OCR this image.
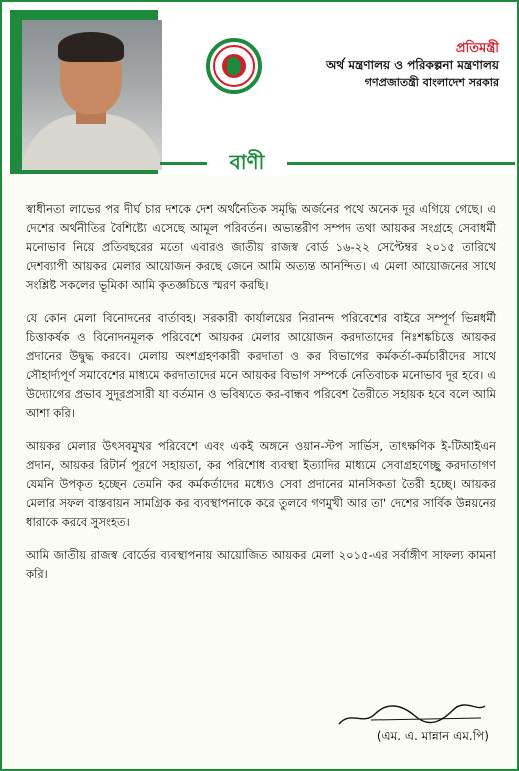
প্রতিমন্ত্রী
অর্থ মন্ত্রণালয় ও পরিকল্পনা মন্ত্রণালয়
গণপ্রজাতন্ত্রী বাংলাদেশ সরকার
বাণী

স্বাধীনতা লাভের পর দীর্ঘ চার দশকে দেশ অর্থনৈতিক সমৃদ্ধি অর্জনের পথে অনেক দূর এগিয়ে গেছে। এ দেশের অর্থনীতির বৈশিষ্ট্যে এসেছে আমূল পরিবর্তন। অভ্যন্তরীণ সম্পদ তথা আয়কর সংগ্রহে সেবাধর্মী মনোভাব নিয়ে প্রতিবছরের মতো এবারও জাতীয় রাজস্ব বোর্ড ১৬-২২ সেপ্টেম্বর ২০১৫ তারিখে দেশব্যাপী আয়কর মেলার আয়োজন করছে জেনে আমি অত্যন্ত আনন্দিত। এ মেলা আয়োজনের সাথে সংশ্লিষ্ট সকলের ভূমিকা আমি কৃতজ্ঞচিত্তে স্মরণ করছি।

যে কোন মেলা বিনোদনের বার্তাবহ। সরকারী কার্যালয়ের নিরানন্দ পরিবেশের বাইরে সম্পূর্ণ ভিন্নধর্মী চিত্তাকর্ষক ও বিনোদনমূলক পরিবেশে আয়কর মেলার আয়োজন করদাতাদের নিঃশঙ্কচিত্তে আয়কর প্রদানের উদ্বুদ্ধ করবে। মেলায় অংশগ্রহণকারী করদাতা ও কর বিভাগের কর্মকর্তা-কর্মচারীদের সাথে সৌহার্দ্যপূর্ণ সমাবেশের মাধ্যমে করদাতাদের মনে আয়কর বিভাগ সম্পর্কে নেতিবাচক মনোভাব দূর হবে। এ উদ্যোগের প্রভাব সুদূরপ্রসারী যা বর্তমান ও ভবিষ্যতে কর-বান্ধব পরিবেশ তৈরীতে সহায়ক হবে বলে আমি আশা করি।

আয়কর মেলার উৎসবমুখর পরিবেশে এবং একই অঙ্গনে ওয়ান-স্টপ সার্ভিস, তাৎক্ষণিক ই-টিআইএন প্রদান, আয়কর রিটার্ন পূরণে সহায়তা, কর পরিশোধ ব্যবস্থা ইত্যাদির মাধ্যমে সেবাগ্রহণেচ্ছু করদাতাগণ যেমনি উপকৃত হচ্ছেন তেমনি কর কর্মকর্তাদের মধ্যেও সেবা প্রদানের মানসিকতা তৈরী হচ্ছে। আয়কর মেলার সফল বাস্তবায়ন সামগ্রিক কর ব্যবস্থাপনাকে করে তুলবে গণমুখী আর তা' দেশের সার্বিক উন্নয়নের ধারাকে করবে সুসংহত।

আমি জাতীয় রাজস্ব বোর্ডের ব্যবস্থাপনায় আয়োজিত আয়কর মেলা ২০১৫-এর সর্বাঙ্গীণ সাফল্য কামনা করি।

(এম. এ. মান্নান এম.পি)
